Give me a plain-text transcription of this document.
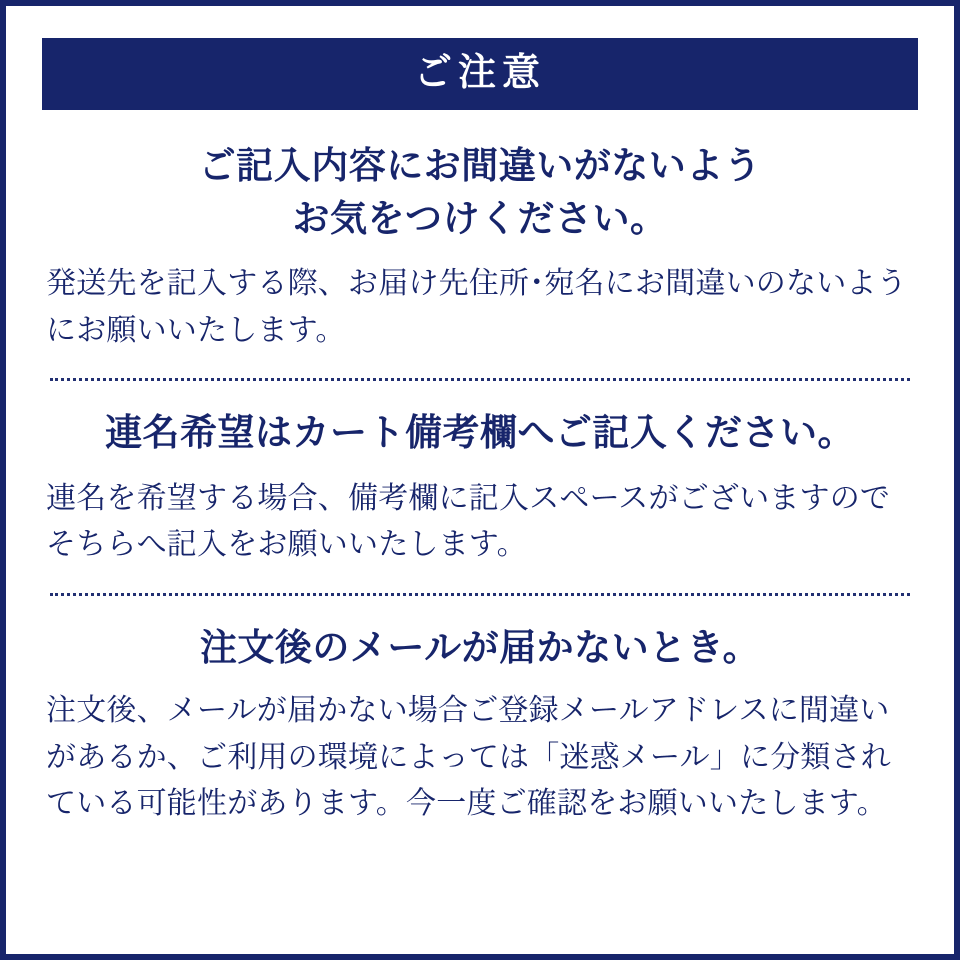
ご注意
ご記入内容にお間違いがないよう
お気をつけください。
発送先を記入する際、お届け先住所･宛名にお間違いのないようにお願いいたします。
連名希望はカート備考欄へご記入ください。
連名を希望する場合、備考欄に記入スペースがございますのでそちらへ記入をお願いいたします。
注文後のメールが届かないとき。
注文後、メールが届かない場合ご登録メールアドレスに間違いがあるか、ご利用の環境によっては「迷惑メール」に分類されている可能性があります。今一度ご確認をお願いいたします。
